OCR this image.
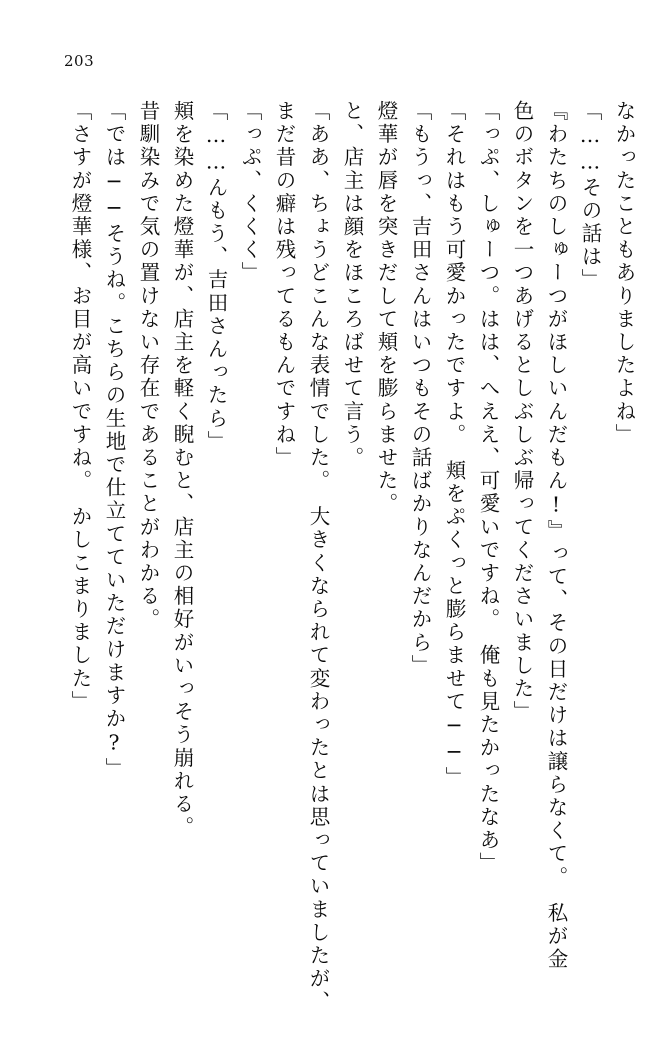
203
なかったこともありましたよね」
「……その話は」
『わたちのしゅーつがほしいんだもん!』って、その日だけは譲らなくて。　私が金
色のボタンを一つあげるとしぶしぶ帰ってくださいました」
「っぷ、しゅーつ。はは、へええ、可愛いですね。　俺も見たかったなあ」
「それはもう可愛かったですよ。　頬をぷくっと膨らませて──」
「もうっ、吉田さんはいつもその話ばかりなんだから」
燈華が唇を突きだして頬を膨らませた。
と、店主は顔をほころばせて言う。
「ああ、ちょうどこんな表情でした。　大きくなられて変わったとは思っていましたが、
まだ昔の癖は残ってるもんですね」
「っぷ、くくく」
「……んもう、吉田さんったら」
頬を染めた燈華が、店主を軽く睨むと、店主の相好がいっそう崩れる。
昔馴染みで気の置けない存在であることがわかる。
「では──そうね。こちらの生地で仕立てていただけますか?」
「さすが燈華様、お目が高いですね。　かしこまりました」
